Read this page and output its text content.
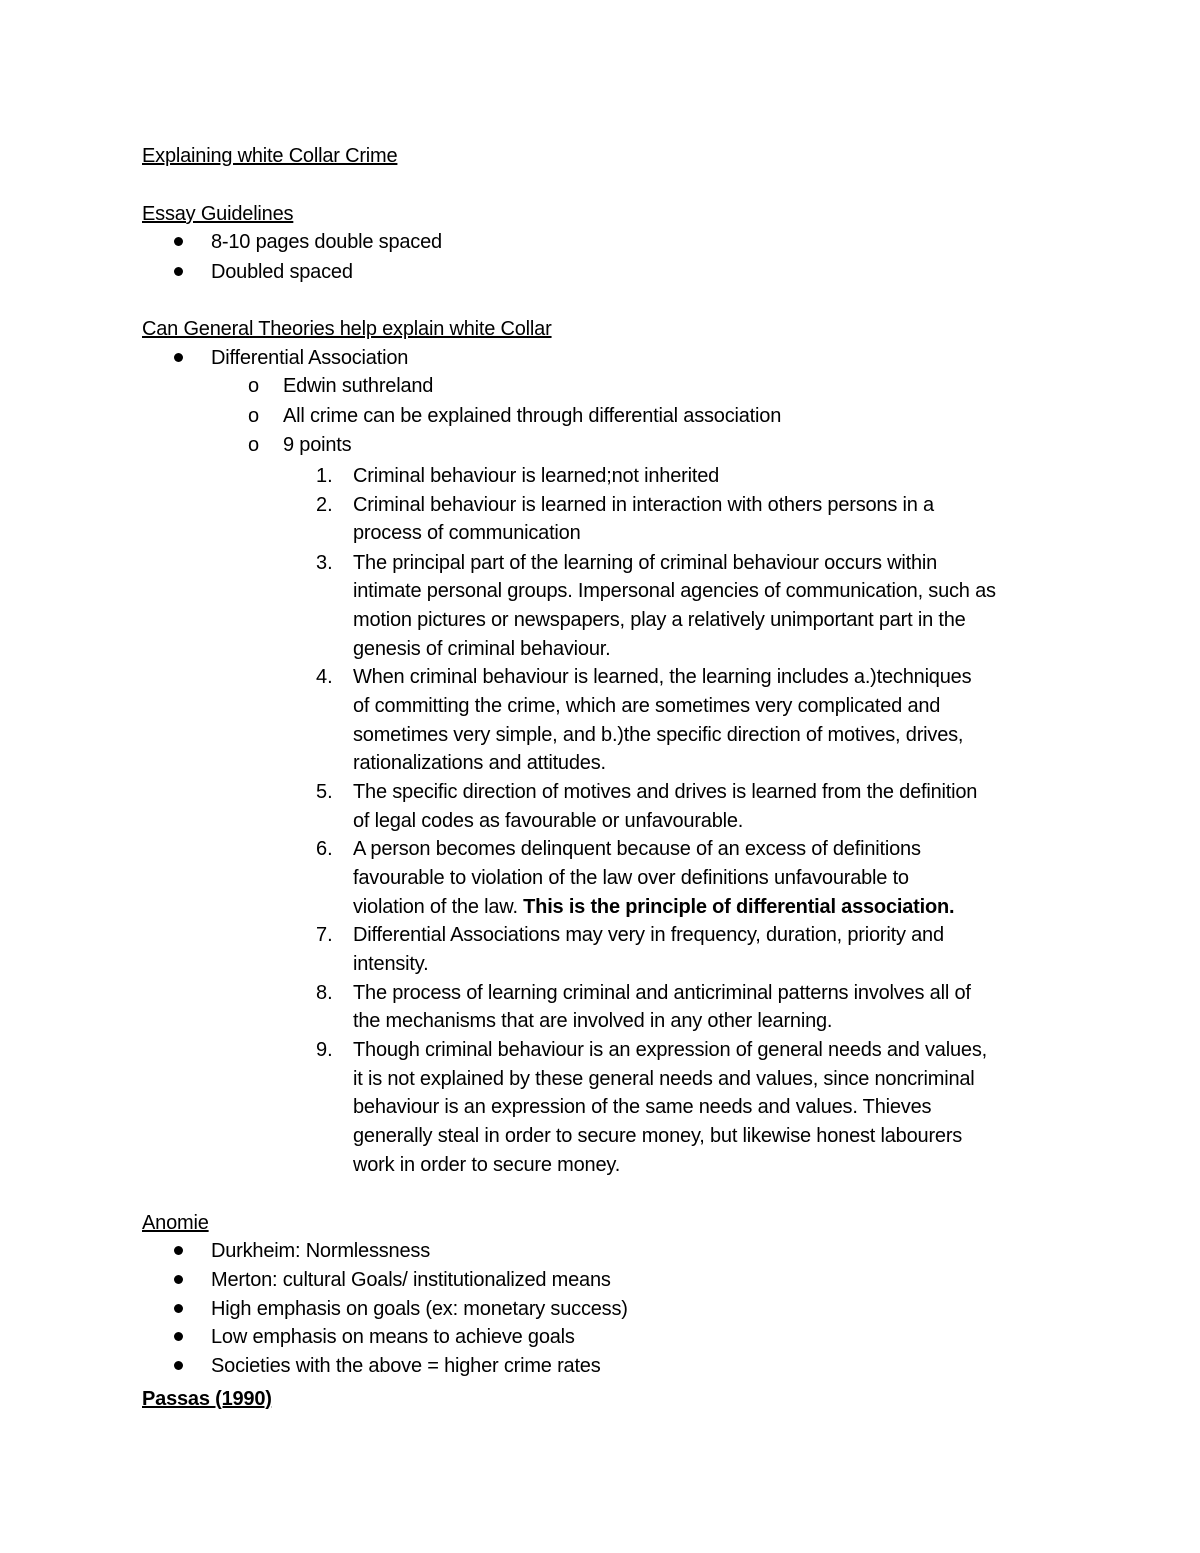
Explaining white Collar Crime
Essay Guidelines
8-10 pages double spaced
Doubled spaced
Can General Theories help explain white Collar
Differential Association
o Edwin suthreland
o All crime can be explained through differential association
o 9 points
1.	Criminal behaviour is learned;not inherited
2.	Criminal behaviour is learned in interaction with others persons in a
process of communication
3.	The principal part of the learning of criminal behaviour occurs within
intimate personal groups. Impersonal agencies of communication, such as
motion pictures or newspapers, play a relatively unimportant part in the
genesis of criminal behaviour.
4.	When criminal behaviour is learned, the learning includes a.)techniques
of committing the crime, which are sometimes very complicated and
sometimes very simple, and b.)the specific direction of motives, drives,
rationalizations and attitudes.
5.	The specific direction of motives and drives is learned from the definition
of legal codes as favourable or unfavourable.
6.	A person becomes delinquent because of an excess of definitions
favourable to violation of the law over definitions unfavourable to
violation of the law. This is the principle of differential association.
7.	Differential Associations may very in frequency, duration, priority and
intensity.
8.	The process of learning criminal and anticriminal patterns involves all of
the mechanisms that are involved in any other learning.
9.	Though criminal behaviour is an expression of general needs and values,
it is not explained by these general needs and values, since noncriminal
behaviour is an expression of the same needs and values. Thieves
generally steal in order to secure money, but likewise honest labourers
work in order to secure money.
Anomie
Durkheim: Normlessness
Merton: cultural Goals/ institutionalized means
High emphasis on goals (ex: monetary success)
Low emphasis on means to achieve goals
Societies with the above = higher crime rates
Passas (1990)
